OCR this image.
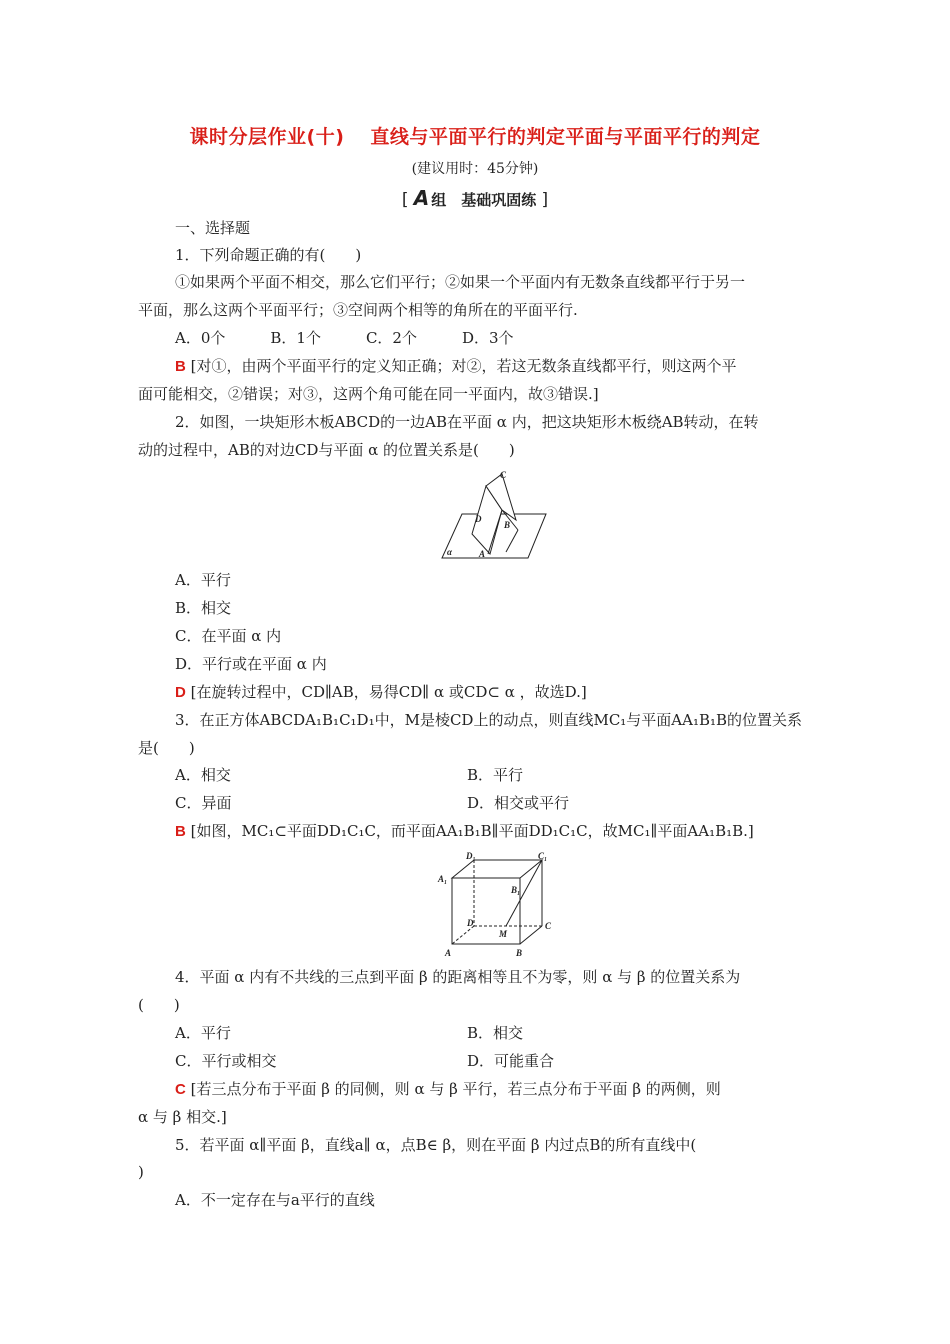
课时分层作业(十) 直线与平面平行的判定平面与平面平行的判定
(建议用时：45分钟)
[ A 组　基础巩固练 ]
一、选择题
1．下列命题正确的有(　　)
①如果两个平面不相交，那么它们平行；②如果一个平面内有无数条直线都平行于另一
平面，那么这两个平面平行；③空间两个相等的角所在的平面平行.
A．0个　　　B．1个　　　C．2个　　　D．3个
B [对①，由两个平面平行的定义知正确；对②，若这无数条直线都平行，则这两个平
面可能相交，②错误；对③，这两个角可能在同一平面内，故③错误.]
2．如图，一块矩形木板ABCD的一边AB在平面 α 内，把这块矩形木板绕AB转动，在转
动的过程中，AB的对边CD与平面 α 的位置关系是(　　)
C
D
B
α	A
A．平行
B．相交
C．在平面 α 内
D．平行或在平面 α 内
D [在旋转过程中，CD∥AB，易得CD∥ α 或CD⊂ α ，故选D.]
3．在正方体ABCDA₁B₁C₁D₁中，M是棱CD上的动点，则直线MC₁与平面AA₁B₁B的位置关系
是(　　)
A．相交	B．平行
C．异面	D．相交或平行
B [如图，MC₁⊂平面DD₁C₁C，而平面AA₁B₁B∥平面DD₁C₁C，故MC₁∥平面AA₁B₁B.]
D₁	C₁
A₁
B₁
D	C
M
A	B
4．平面 α 内有不共线的三点到平面 β 的距离相等且不为零，则 α 与 β 的位置关系为
(　　)
A．平行	B．相交
C．平行或相交	D．可能重合
C [若三点分布于平面 β 的同侧，则 α 与 β 平行，若三点分布于平面 β 的两侧，则
α 与 β 相交.]
5．若平面 α∥平面 β，直线a∥ α，点B∈ β，则在平面 β 内过点B的所有直线中(
)
A．不一定存在与a平行的直线
